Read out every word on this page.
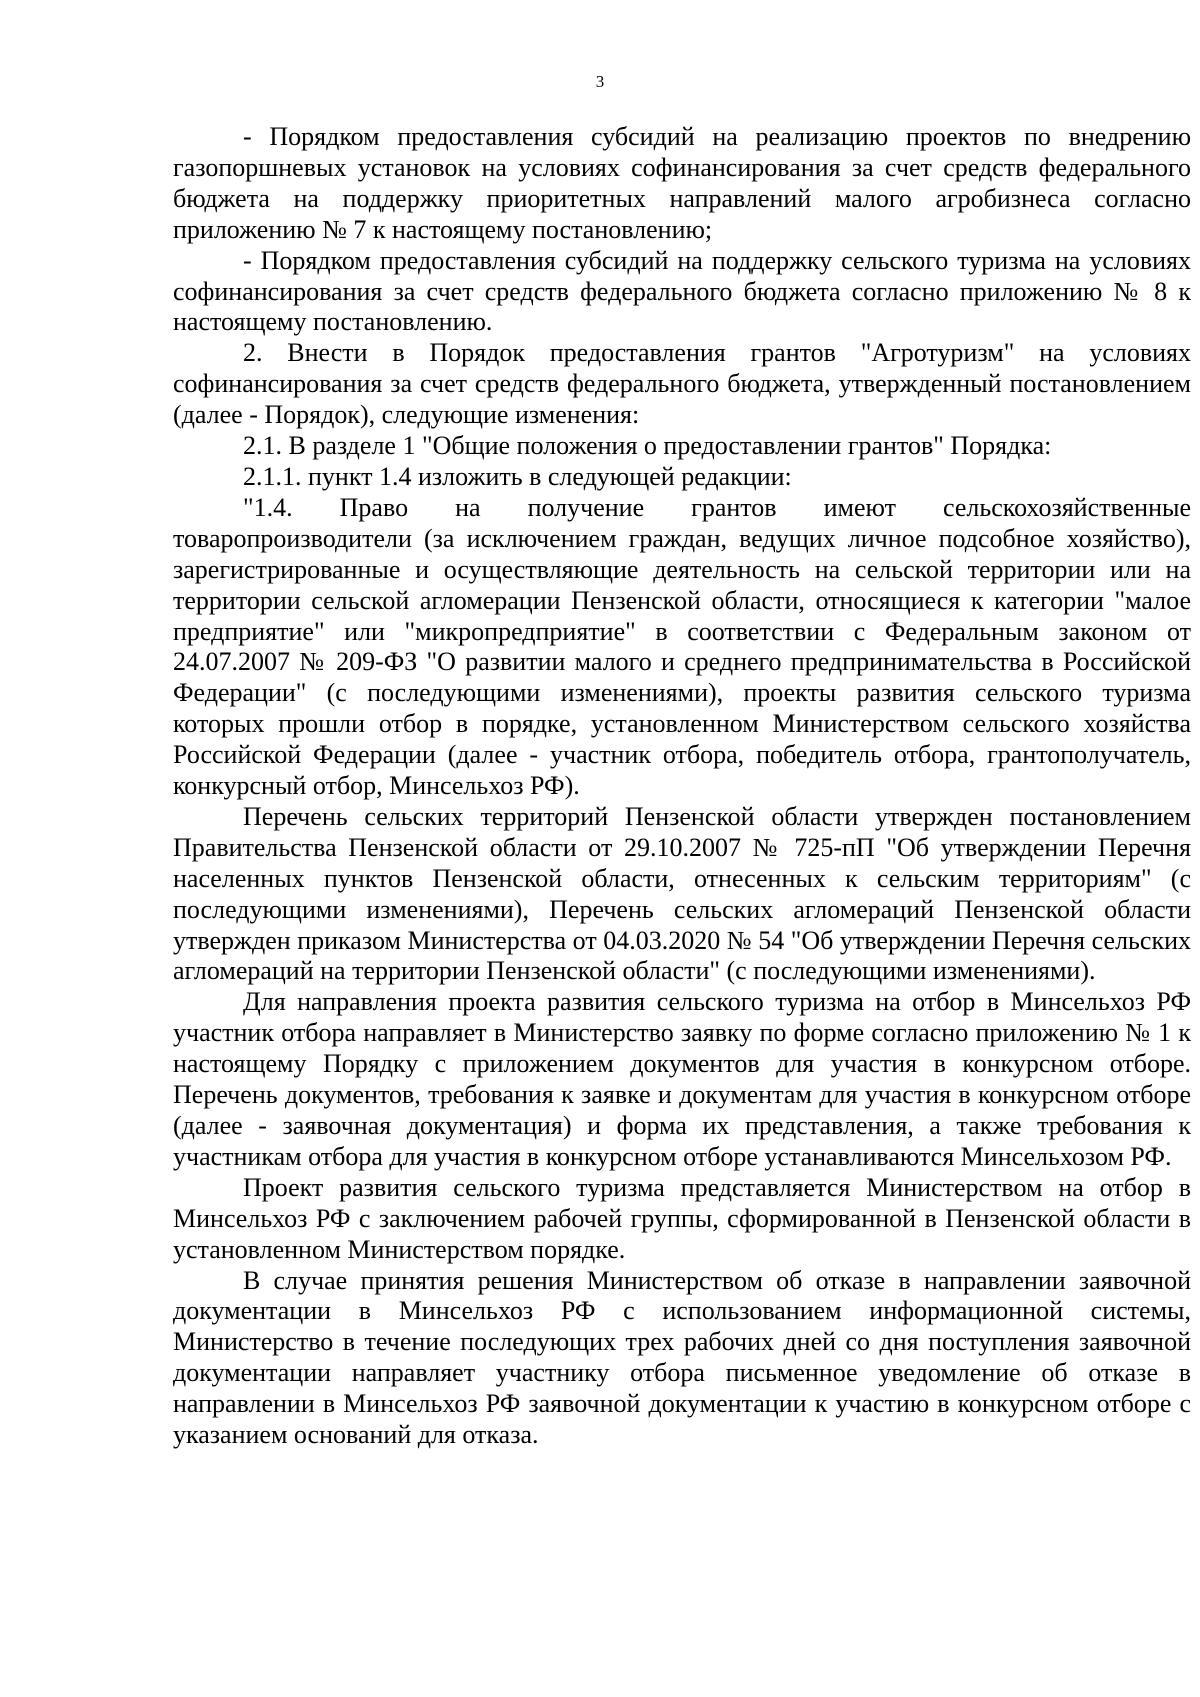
3

- Порядком предоставления субсидий на реализацию проектов по внедрению газопоршневых установок на условиях софинансирования за счет средств федерального бюджета на поддержку приоритетных направлений малого агробизнеса согласно приложению № 7 к настоящему постановлению;

- Порядком предоставления субсидий на поддержку сельского туризма на условиях софинансирования за счет средств федерального бюджета согласно приложению № 8 к настоящему постановлению.

2. Внести в Порядок предоставления грантов "Агротуризм" на условиях софинансирования за счет средств федерального бюджета, утвержденный постановлением (далее - Порядок), следующие изменения:

2.1. В разделе 1 "Общие положения о предоставлении грантов" Порядка:

2.1.1. пункт 1.4 изложить в следующей редакции:

"1.4. Право на получение грантов имеют сельскохозяйственные товаропроизводители (за исключением граждан, ведущих личное подсобное хозяйство), зарегистрированные и осуществляющие деятельность на сельской территории или на территории сельской агломерации Пензенской области, относящиеся к категории "малое предприятие" или "микропредприятие" в соответствии с Федеральным законом от 24.07.2007 № 209-ФЗ "О развитии малого и среднего предпринимательства в Российской Федерации" (с последующими изменениями), проекты развития сельского туризма которых прошли отбор в порядке, установленном Министерством сельского хозяйства Российской Федерации (далее - участник отбора, победитель отбора, грантополучатель, конкурсный отбор, Минсельхоз РФ).

Перечень сельских территорий Пензенской области утвержден постановлением Правительства Пензенской области от 29.10.2007 № 725-пП "Об утверждении Перечня населенных пунктов Пензенской области, отнесенных к сельским территориям" (с последующими изменениями), Перечень сельских агломераций Пензенской области утвержден приказом Министерства от 04.03.2020 № 54 "Об утверждении Перечня сельских агломераций на территории Пензенской области" (с последующими изменениями).

Для направления проекта развития сельского туризма на отбор в Минсельхоз РФ участник отбора направляет в Министерство заявку по форме согласно приложению № 1 к настоящему Порядку с приложением документов для участия в конкурсном отборе. Перечень документов, требования к заявке и документам для участия в конкурсном отборе (далее - заявочная документация) и форма их представления, а также требования к участникам отбора для участия в конкурсном отборе устанавливаются Минсельхозом РФ.

Проект развития сельского туризма представляется Министерством на отбор в Минсельхоз РФ с заключением рабочей группы, сформированной в Пензенской области в установленном Министерством порядке.

В случае принятия решения Министерством об отказе в направлении заявочной документации в Минсельхоз РФ с использованием информационной системы, Министерство в течение последующих трех рабочих дней со дня поступления заявочной документации направляет участнику отбора письменное уведомление об отказе в направлении в Минсельхоз РФ заявочной документации к участию в конкурсном отборе с указанием оснований для отказа.
